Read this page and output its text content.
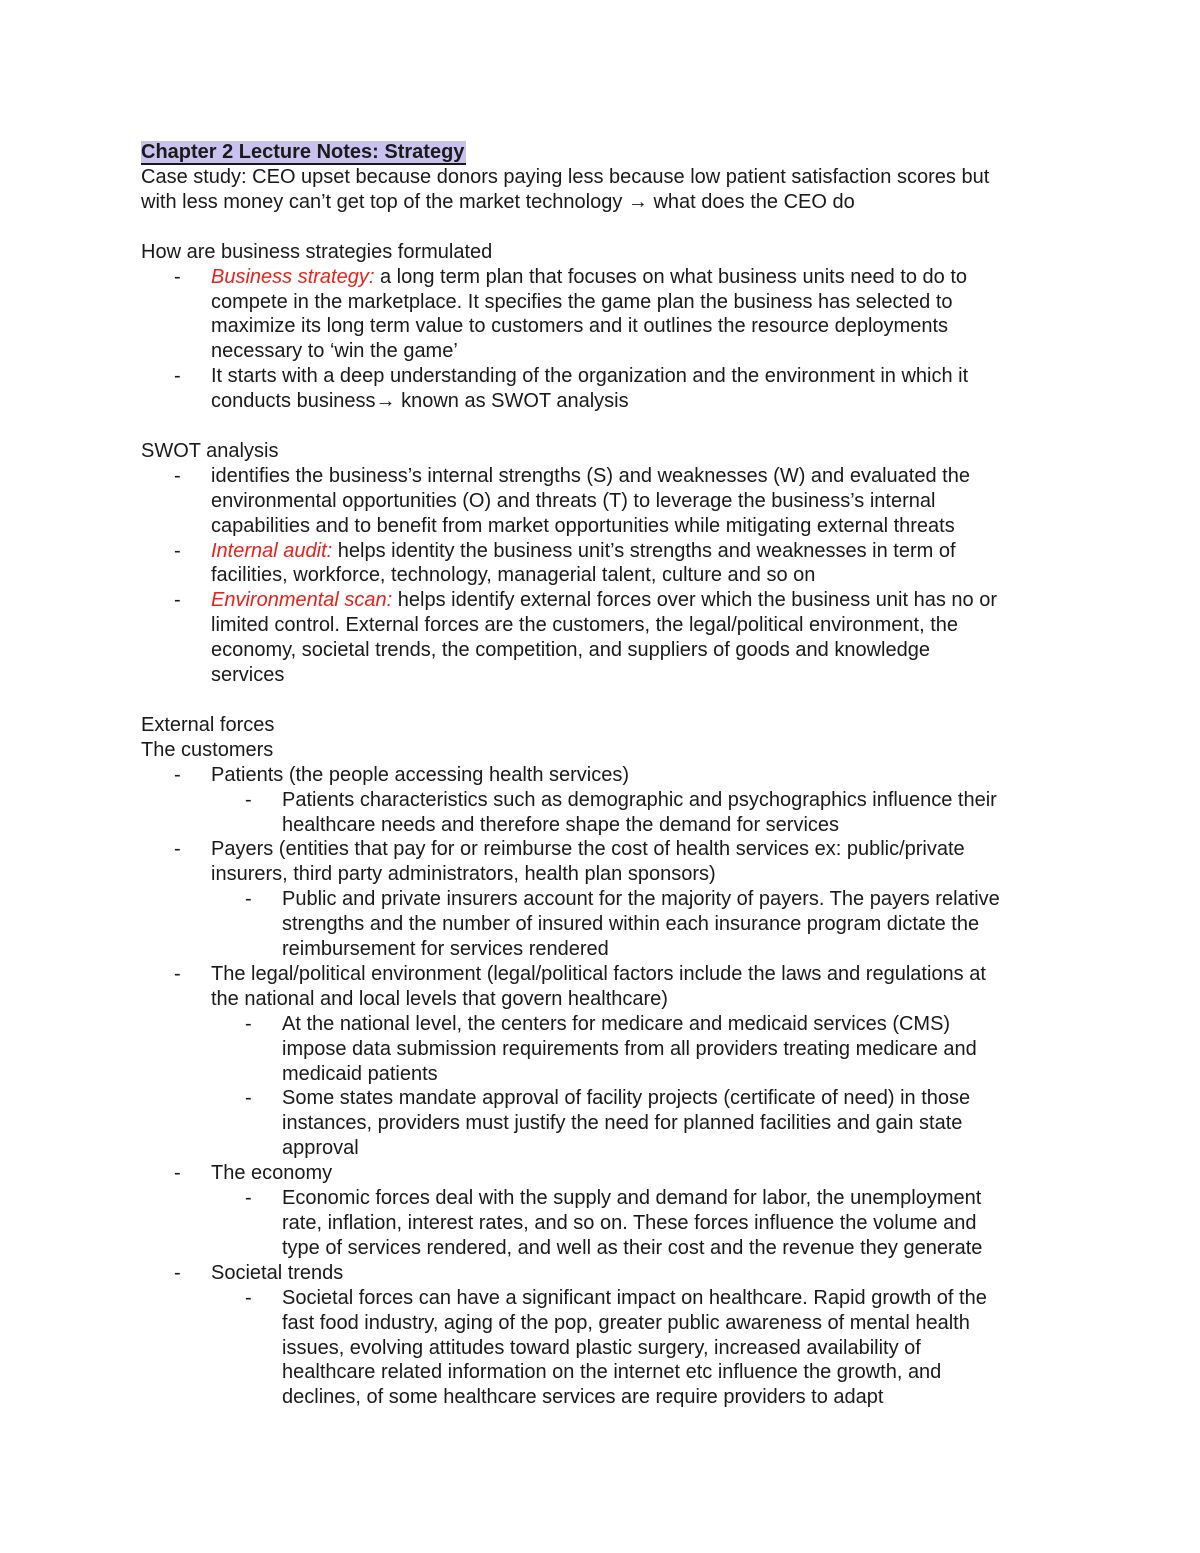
Chapter 2 Lecture Notes: Strategy
Case study: CEO upset because donors paying less because low patient satisfaction scores but
with less money can’t get top of the market technology → what does the CEO do
How are business strategies formulated
- Business strategy: a long term plan that focuses on what business units need to do to
compete in the marketplace. It specifies the game plan the business has selected to
maximize its long term value to customers and it outlines the resource deployments
necessary to ‘win the game’
- It starts with a deep understanding of the organization and the environment in which it
conducts business→ known as SWOT analysis
SWOT analysis
- identifies the business’s internal strengths (S) and weaknesses (W) and evaluated the
environmental opportunities (O) and threats (T) to leverage the business’s internal
capabilities and to benefit from market opportunities while mitigating external threats
- Internal audit: helps identity the business unit’s strengths and weaknesses in term of
facilities, workforce, technology, managerial talent, culture and so on
- Environmental scan: helps identify external forces over which the business unit has no or
limited control. External forces are the customers, the legal/political environment, the
economy, societal trends, the competition, and suppliers of goods and knowledge
services
External forces
The customers
- Patients (the people accessing health services)
- Patients characteristics such as demographic and psychographics influence their
healthcare needs and therefore shape the demand for services
- Payers (entities that pay for or reimburse the cost of health services ex: public/private
insurers, third party administrators, health plan sponsors)
- Public and private insurers account for the majority of payers. The payers relative
strengths and the number of insured within each insurance program dictate the
reimbursement for services rendered
- The legal/political environment (legal/political factors include the laws and regulations at
the national and local levels that govern healthcare)
- At the national level, the centers for medicare and medicaid services (CMS)
impose data submission requirements from all providers treating medicare and
medicaid patients
- Some states mandate approval of facility projects (certificate of need) in those
instances, providers must justify the need for planned facilities and gain state
approval
- The economy
- Economic forces deal with the supply and demand for labor, the unemployment
rate, inflation, interest rates, and so on. These forces influence the volume and
type of services rendered, and well as their cost and the revenue they generate
- Societal trends
- Societal forces can have a significant impact on healthcare. Rapid growth of the
fast food industry, aging of the pop, greater public awareness of mental health
issues, evolving attitudes toward plastic surgery, increased availability of
healthcare related information on the internet etc influence the growth, and
declines, of some healthcare services are require providers to adapt
